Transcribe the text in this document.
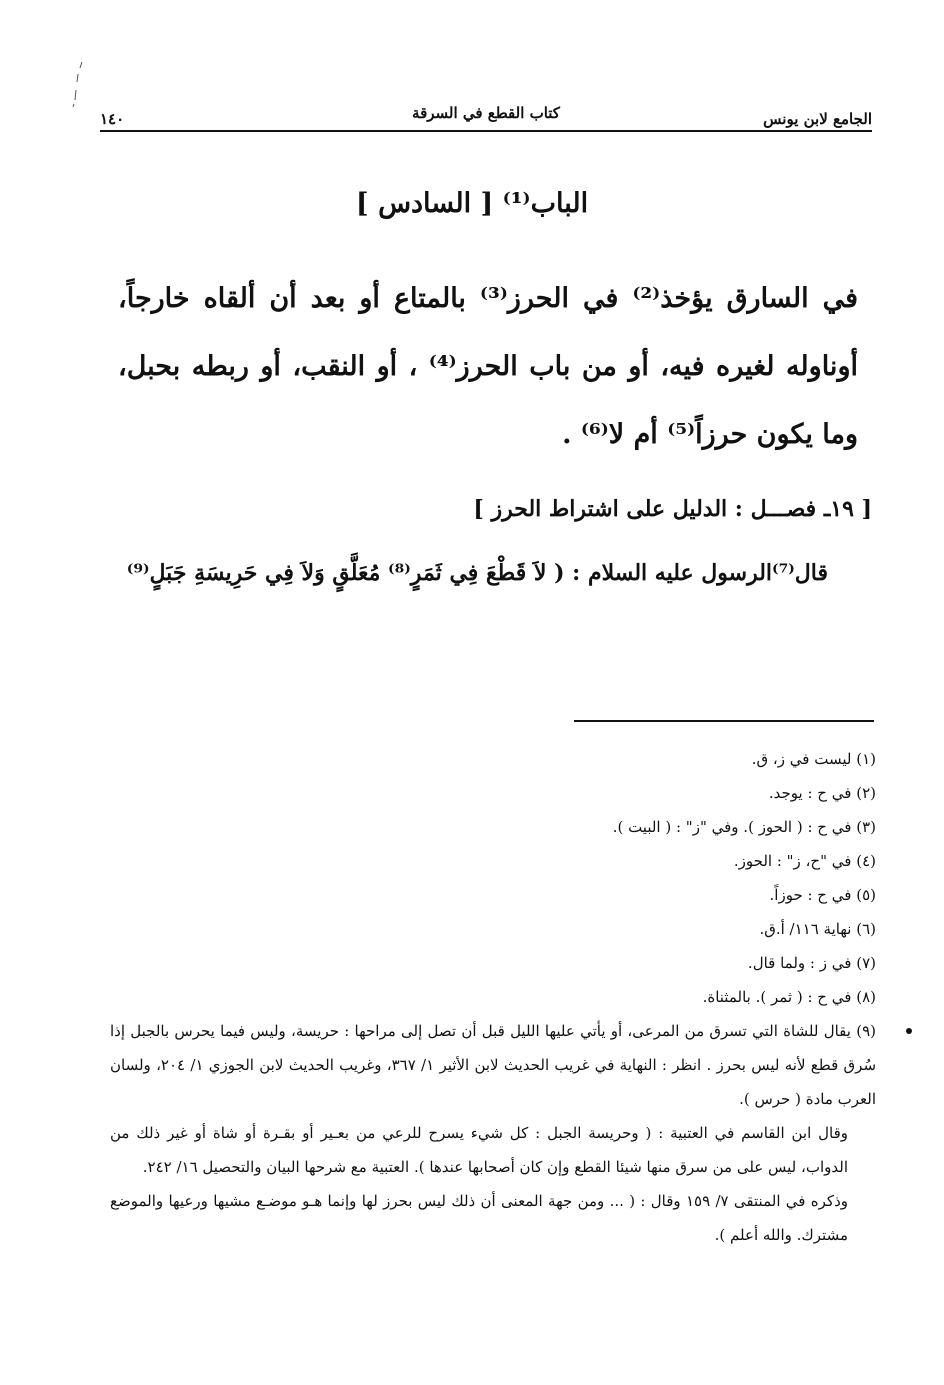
الجامع لابن يونس
كتاب القطع في السرقة
١٤٠
الباب⁽¹⁾ [ السادس ]
في السارق يؤخذ⁽²⁾ في الحرز⁽³⁾ بالمتاع أو بعد أن ألقاه خارجاً، أوناوله لغيره فيه، أو من باب الحرز⁽⁴⁾ ، أو النقب، أو ربطه بحبل، وما يكون حرزاً⁽⁵⁾ أم لا⁽⁶⁾ .
[ ١٩ـ فصـــل : الدليل على اشتراط الحرز ]
قال⁽⁷⁾الرسول عليه السلام : ( لاَ قَطْعَ فِي ثَمَرٍ⁽⁸⁾ مُعَلَّقٍ وَلاَ فِي حَرِيسَةِ جَبَلٍ⁽⁹⁾

(١) ليست في ز، ق.

(٢) في ح : يوجد.

(٣) في ح : ( الحوز ). وفي "ز" : ( البيت ).

(٤) في "ح، ز" : الحوز.

(٥) في ح : حوزاً.

(٦) نهاية ١١٦/ أ.ق.

(٧) في ز : ولما قال.

(٨) في ح : ( ثمر ). بالمثناة.

(٩) يقال للشاة التي تسرق من المرعى، أو يأتي عليها الليل قبل أن تصل إلى مراحها : حريسة، وليس فيما يحرس بالجبل إذا سُرق قطع لأنه ليس بحرز . انظر : النهاية في غريب الحديث لابن الأثير ١/ ٣٦٧، وغريب الحديث لابن الجوزي ١/ ٢٠٤، ولسان العرب مادة ( حرس ).

وقال ابن القاسم في العتبية : ( وحريسة الجبل : كل شيء يسرح للرعي من بعـير أو بقـرة أو شاة أو غير ذلك من الدواب، ليس على من سرق منها شيئا القطع وإن كان أصحابها عندها ). العتبية مع شرحها البيان والتحصيل ١٦/ ٢٤٢.

وذكره في المنتقى ٧/ ١٥٩ وقال : ( ... ومن جهة المعنى أن ذلك ليس بحرز لها وإنما هـو موضـع مشيها ورعيها والموضع مشترك. والله أعلم ).
